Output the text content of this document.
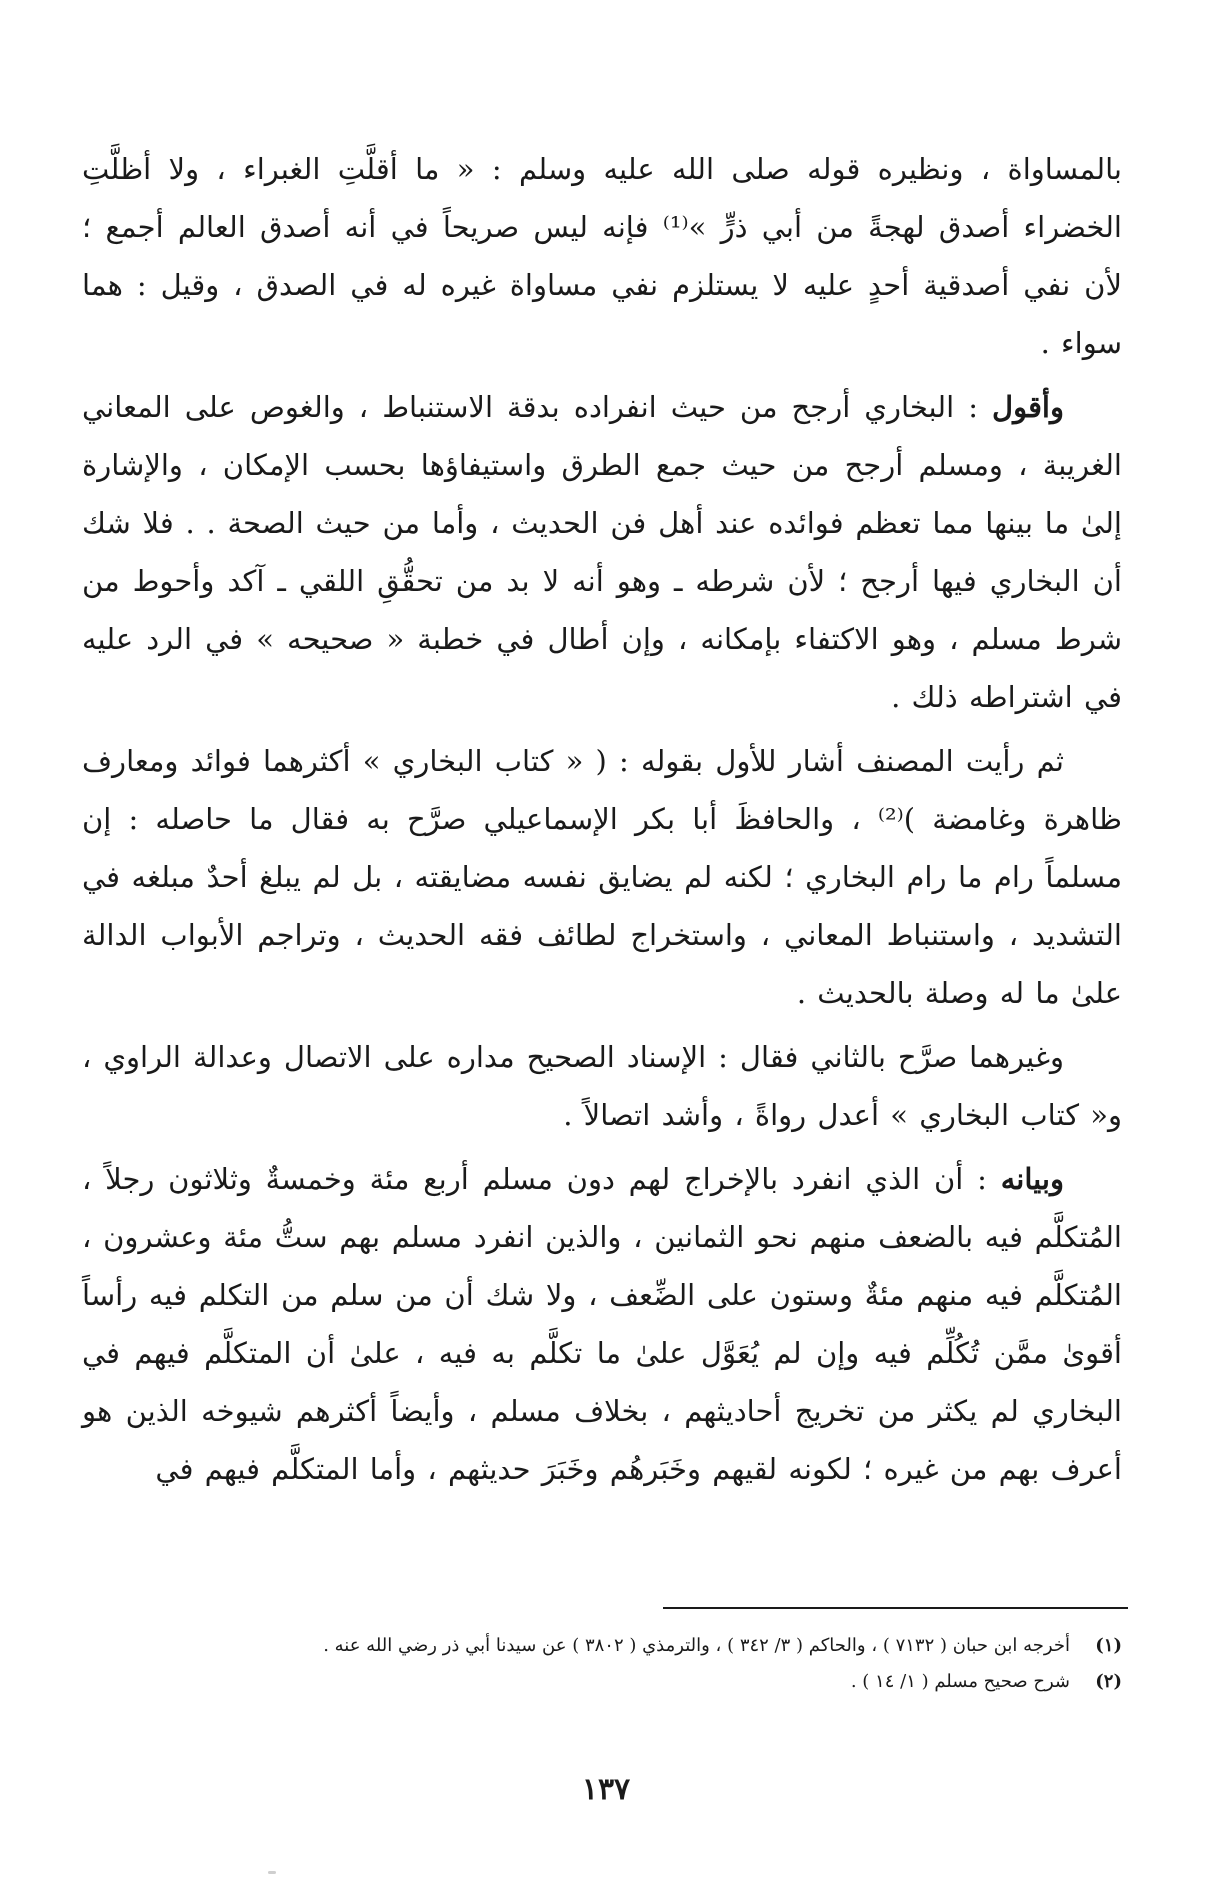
بالمساواة ، ونظيره قوله صلى الله عليه وسلم : « ما أقلَّتِ الغبراء ، ولا أظلَّتِ الخضراء أصدق لهجةً من أبي ذرٍّ »⁽¹⁾ فإنه ليس صريحاً في أنه أصدق العالم أجمع ؛ لأن نفي أصدقية أحدٍ عليه لا يستلزم نفي مساواة غيره له في الصدق ، وقيل : هما سواء .

وأقول : البخاري أرجح من حيث انفراده بدقة الاستنباط ، والغوص على المعاني الغريبة ، ومسلم أرجح من حيث جمع الطرق واستيفاؤها بحسب الإمكان ، والإشارة إلىٰ ما بينها مما تعظم فوائده عند أهل فن الحديث ، وأما من حيث الصحة . . فلا شك أن البخاري فيها أرجح ؛ لأن شرطه ـ وهو أنه لا بد من تحقُّقِ اللقي ـ آكد وأحوط من شرط مسلم ، وهو الاكتفاء بإمكانه ، وإن أطال في خطبة « صحيحه » في الرد عليه في اشتراطه ذلك .

ثم رأيت المصنف أشار للأول بقوله : ( « كتاب البخاري » أكثرهما فوائد ومعارف ظاهرة وغامضة )⁽²⁾ ، والحافظَ أبا بكر الإسماعيلي صرَّح به فقال ما حاصله : إن مسلماً رام ما رام البخاري ؛ لكنه لم يضايق نفسه مضايقته ، بل لم يبلغ أحدٌ مبلغه في التشديد ، واستنباط المعاني ، واستخراج لطائف فقه الحديث ، وتراجم الأبواب الدالة علىٰ ما له وصلة بالحديث .

وغيرهما صرَّح بالثاني فقال : الإسناد الصحيح مداره على الاتصال وعدالة الراوي ، و« كتاب البخاري » أعدل رواةً ، وأشد اتصالاً .

وبيانه : أن الذي انفرد بالإخراج لهم دون مسلم أربع مئة وخمسةٌ وثلاثون رجلاً ، المُتكلَّم فيه بالضعف منهم نحو الثمانين ، والذين انفرد مسلم بهم ستُّ مئة وعشرون ، المُتكلَّم فيه منهم مئةٌ وستون على الضِّعف ، ولا شك أن من سلم من التكلم فيه رأساً أقوىٰ ممَّن تُكُلِّم فيه وإن لم يُعَوَّل علىٰ ما تكلَّم به فيه ، علىٰ أن المتكلَّم فيهم في البخاري لم يكثر من تخريج أحاديثهم ، بخلاف مسلم ، وأيضاً أكثرهم شيوخه الذين هو أعرف بهم من غيره ؛ لكونه لقيهم وخَبَرهُم وخَبَرَ حديثهم ، وأما المتكلَّم فيهم في

(١)أخرجه ابن حبان ( ٧١٣٢ ) ، والحاكم ( ٣/ ٣٤٢ ) ، والترمذي ( ٣٨٠٢ ) عن سيدنا أبي ذر رضي الله عنه .

(٢)شرح صحيح مسلم ( ١/ ١٤ ) .

١٣٧
